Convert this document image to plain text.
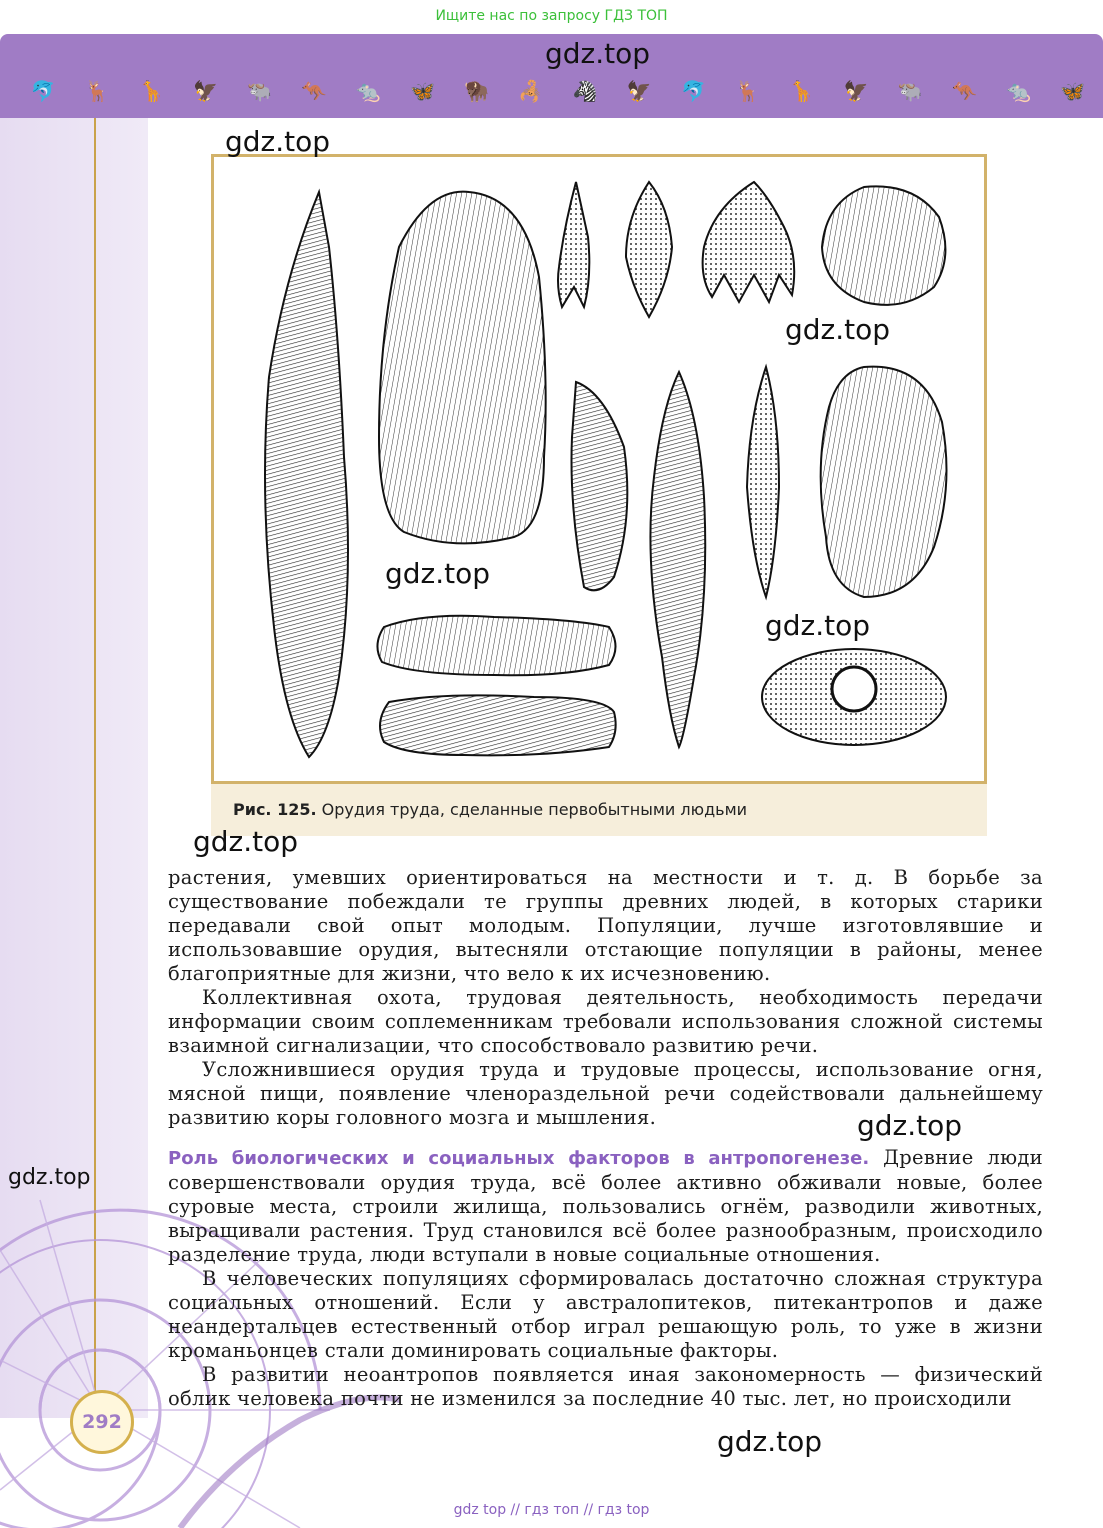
Ищите нас по запросу ГДЗ ТОП
🐬 🦌 🦒 🦅 🐃 🦘 🐀 🦋 🦬 🦂 🦓 🦅 🐬 🦌 🦒 🦅 🐃 🦘 🐀 🦋
292
Рис. 125. Орудия труда, сделанные первобытными людьми

растения, умевших ориентироваться на местности и т. д. В борьбе за существование побеждали те группы древних людей, в которых старики передавали свой опыт молодым. Популяции, лучше изготовлявшие и использовавшие орудия, вытесняли отстающие популяции в районы, менее благоприятные для жизни, что вело к их исчезновению.

Коллективная охота, трудовая деятельность, необходимость передачи информации своим соплеменникам требовали использования сложной системы взаимной сигнализации, что способствовало развитию речи.

Усложнившиеся орудия труда и трудовые процессы, использование огня, мясной пищи, появление членораздельной речи содействовали дальнейшему развитию коры головного мозга и мышления.

Роль биологических и социальных факторов в антропогенезе. Древние люди совершенствовали орудия труда, всё более активно обживали новые, более суровые места, строили жилища, пользовались огнём, разводили животных, выращивали растения. Труд становился всё более разнообразным, происходило разделение труда, люди вступали в новые социальные отношения.

В человеческих популяциях сформировалась достаточно сложная структура социальных отношений. Если у австралопитеков, питекантропов и даже неандертальцев естественный отбор играл решающую роль, то уже в жизни кроманьонцев стали доминировать социальные факторы.

В развитии неоантропов появляется иная закономерность — физический облик человека почти не изменился за последние 40 тыс. лет, но происходили

gdz.top
gdz.top
gdz.top
gdz.top
gdz.top
gdz.top
gdz.top
gdz.top
gdz.top
gdz top // гдз топ // гдз top
